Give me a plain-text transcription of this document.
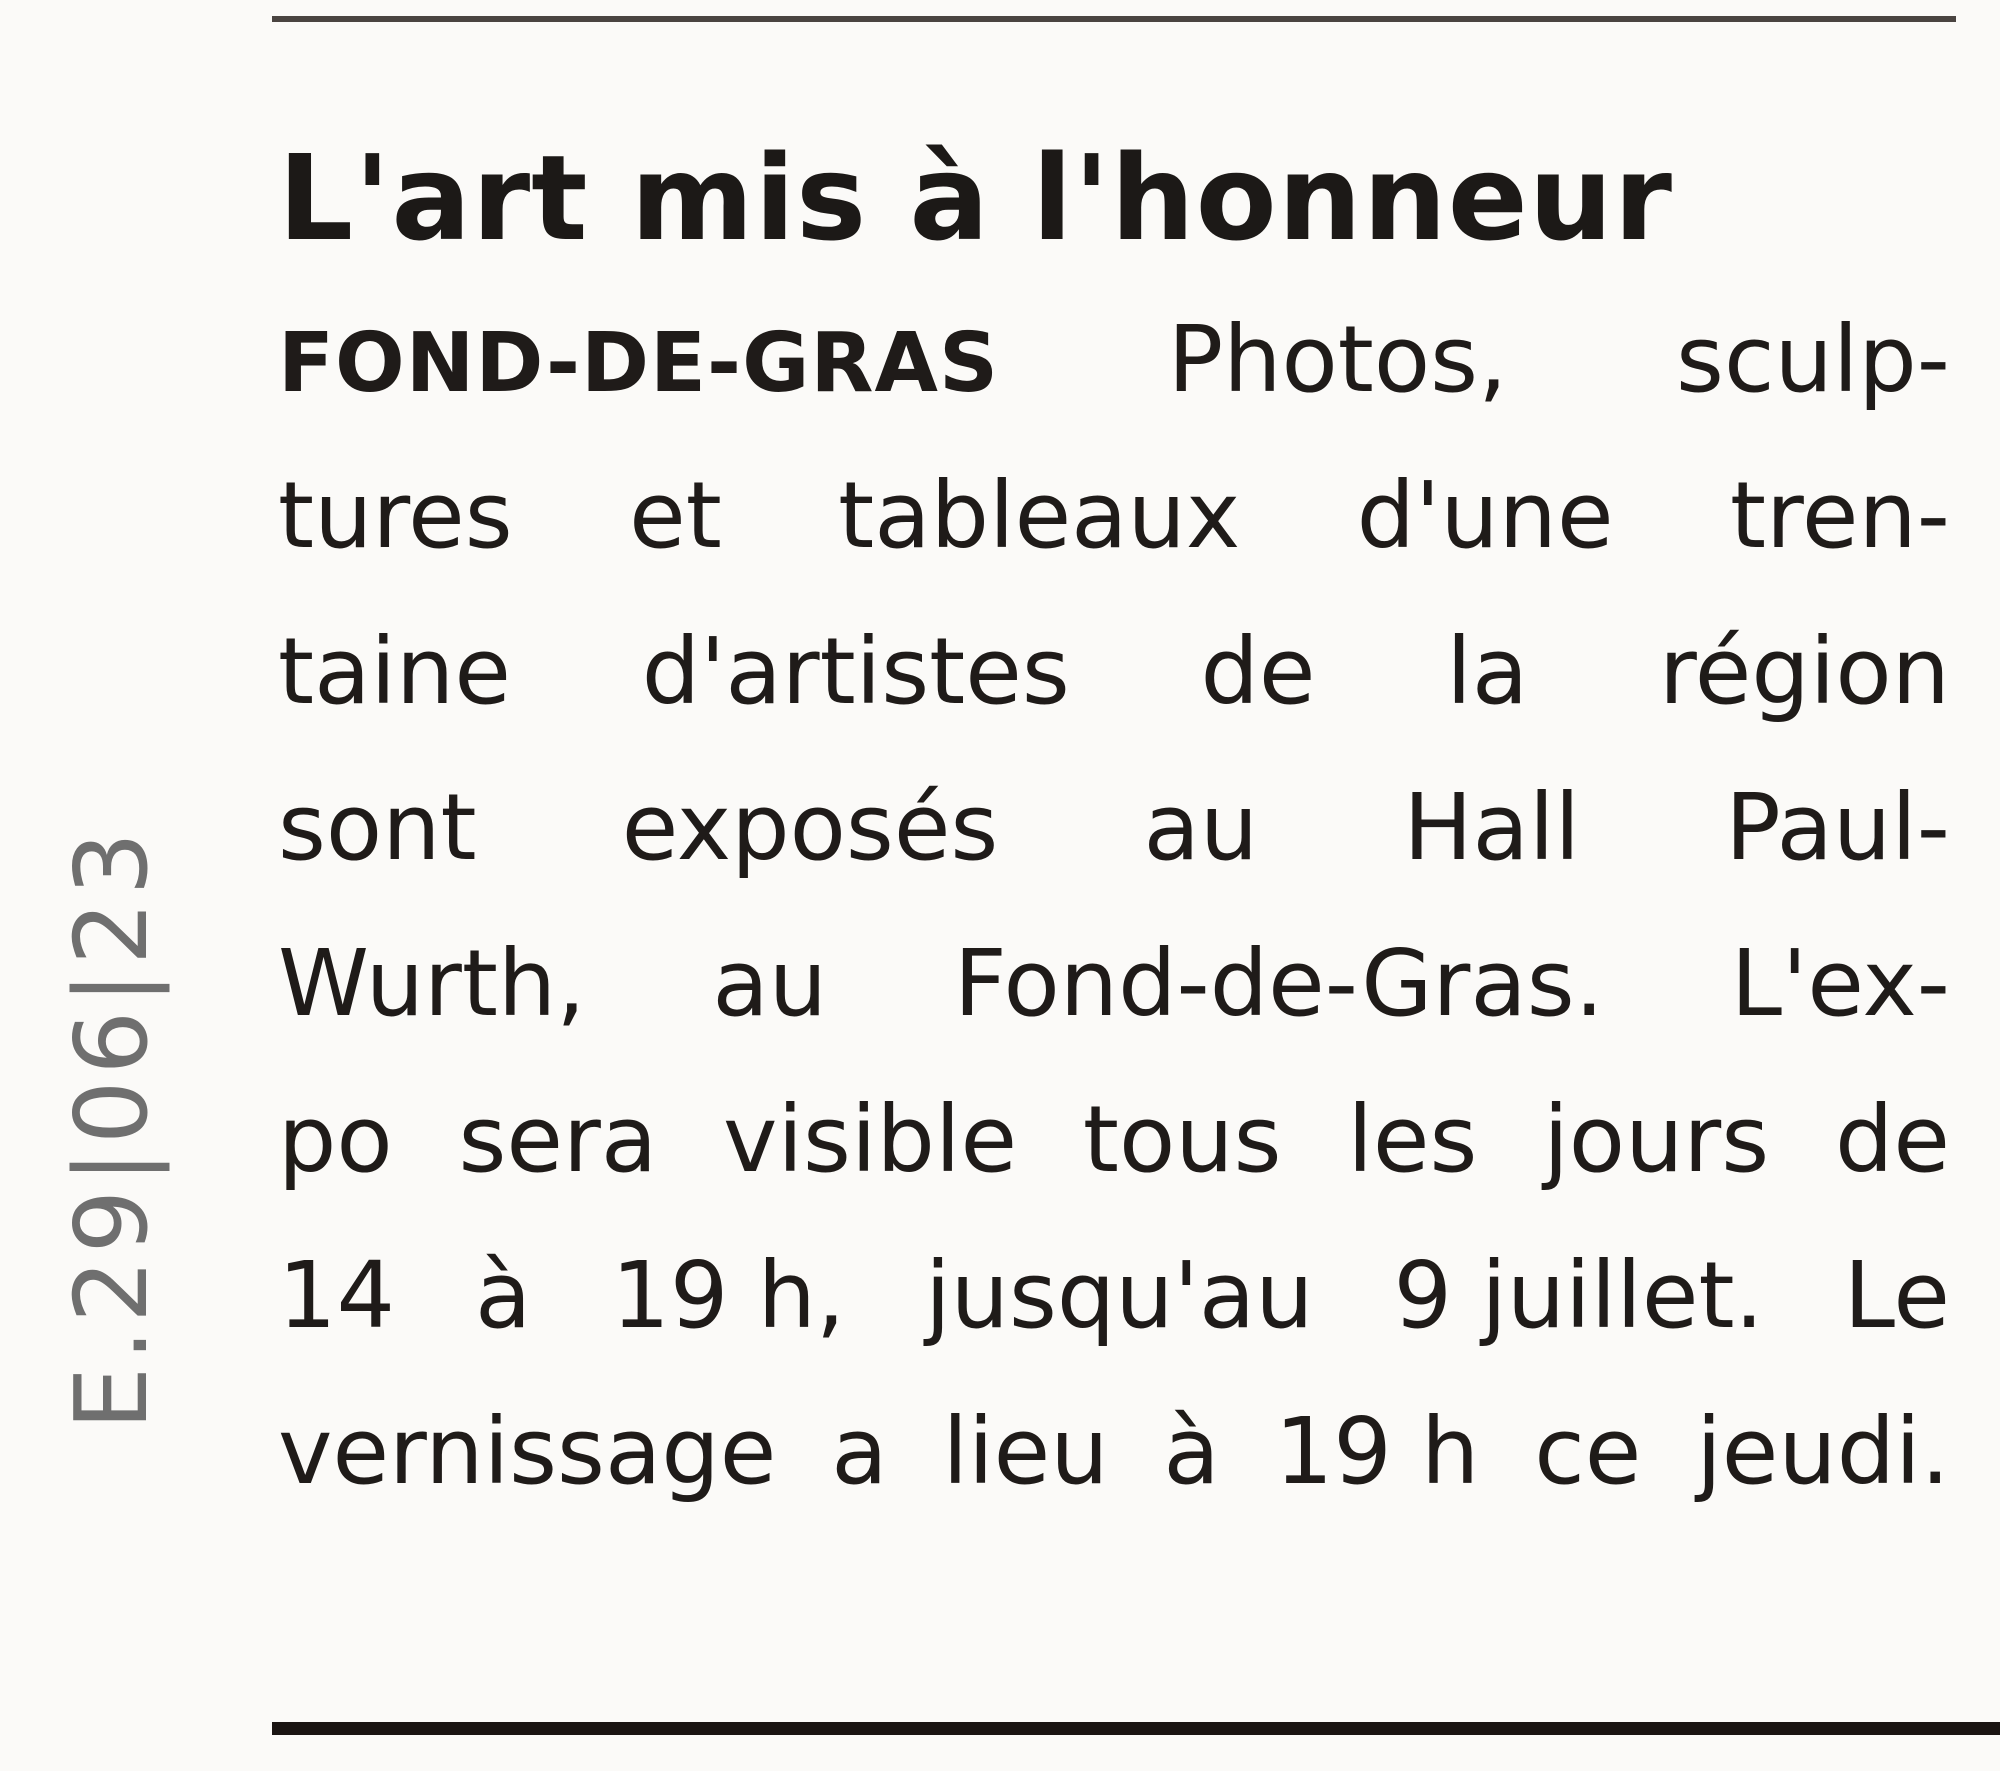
L'art mis à l'honneur
FOND-DE-GRAS Photos, sculp-
tures et tableaux d'une tren-
taine d'artistes de la région
sont exposés au Hall Paul-
Wurth, au Fond-de-Gras. L'ex-
po sera visible tous les jours de
14 à 19 h, jusqu'au 9 juillet. Le
vernissage a lieu à 19 h ce jeudi.
E.29|06|23
